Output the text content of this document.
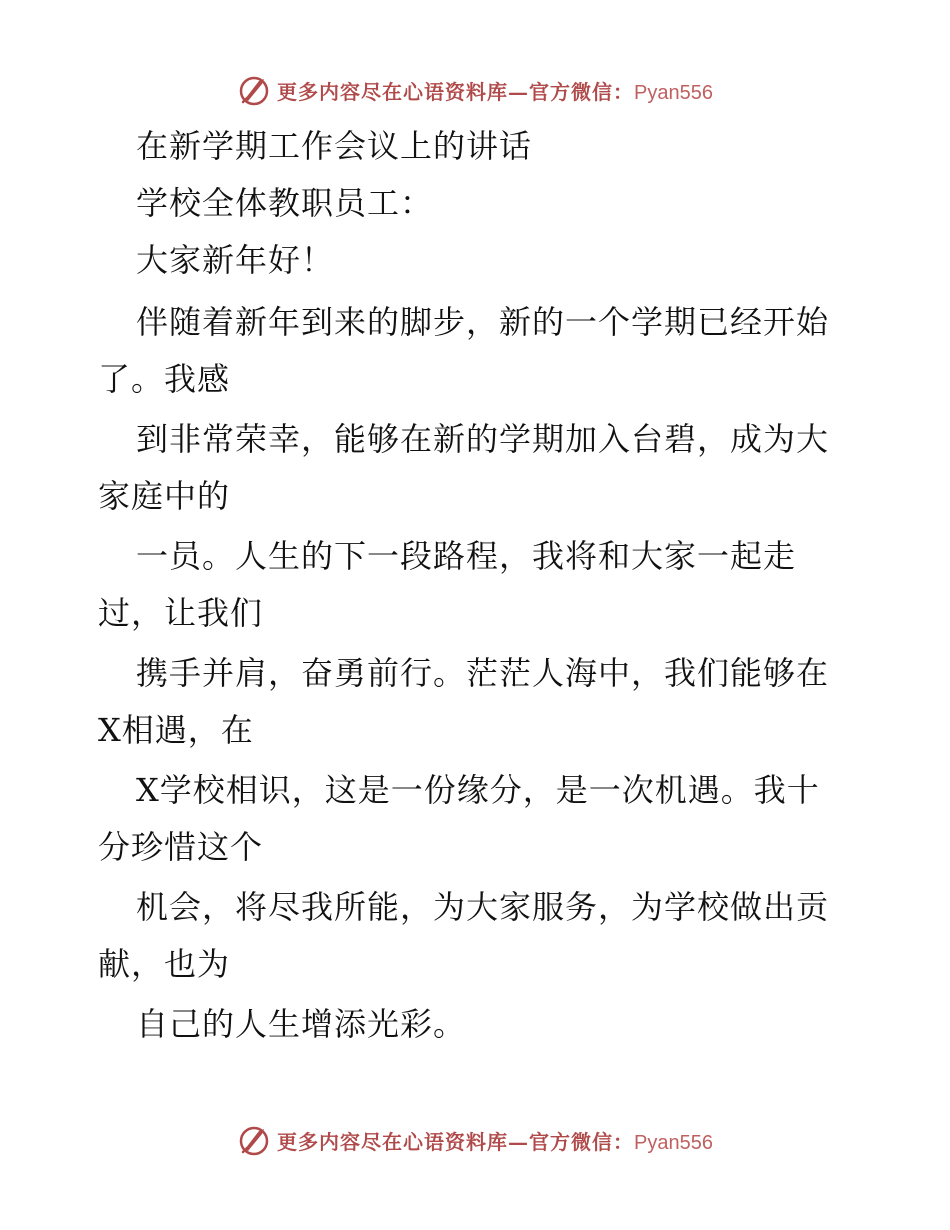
更多内容尽在心语资料库—官方微信：Pyan556
在新学期工作会议上的讲话
学校全体教职员工：
大家新年好！
伴随着新年到来的脚步，新的一个学期已经开始
了。我感
到非常荣幸，能够在新的学期加入台碧，成为大
家庭中的
一员。人生的下一段路程，我将和大家一起走
过，让我们
携手并肩，奋勇前行。茫茫人海中，我们能够在
X相遇，在
X学校相识，这是一份缘分，是一次机遇。我十
分珍惜这个
机会，将尽我所能，为大家服务，为学校做出贡
献，也为
自己的人生增添光彩。
更多内容尽在心语资料库—官方微信：Pyan556
